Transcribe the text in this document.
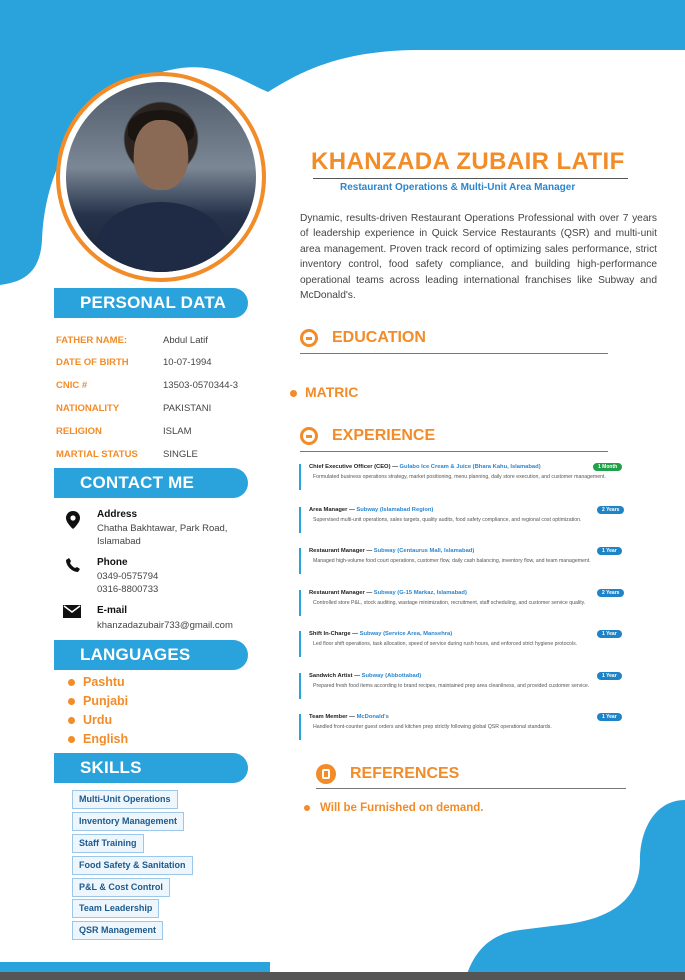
KHANZADA ZUBAIR LATIF
Restaurant Operations & Multi-Unit Area Manager
Dynamic, results-driven Restaurant Operations Professional with over 7 years of leadership experience in Quick Service Restaurants (QSR) and multi-unit area management. Proven track record of optimizing sales performance, strict inventory control, food safety compliance, and building high-performance operational teams across leading international franchises like Subway and McDonald's.
PERSONAL DATA
FATHER NAME:	Abdul Latif
DATE OF BIRTH	10-07-1994
CNIC #	13503-0570344-3
NATIONALITY	PAKISTANI
RELIGION	ISLAM
MARTIAL STATUS	SINGLE
CONTACT ME
Address
Chatha Bakhtawar, Park Road,
Islamabad
Phone
0349-0575794
0316-8800733
E-mail
khanzadazubair733@gmail.com
LANGUAGES
Pashtu
Punjabi
Urdu
English
SKILLS
Multi-Unit Operations
Inventory Management
Staff Training
Food Safety & Sanitation
P&L & Cost Control
Team Leadership
QSR Management
EDUCATION
MATRIC
EXPERIENCE
Chief Executive Officer (CEO) — Gulabo Ice Cream & Juice (Bhara Kahu, Islamabad)	1 Month
Formulated business operations strategy, market positioning, menu planning, daily store execution, and customer management.
Area Manager — Subway (Islamabad Region)	2 Years
Supervised multi-unit operations, sales targets, quality audits, food safety compliance, and regional cost optimization.
Restaurant Manager — Subway (Centaurus Mall, Islamabad)	1 Year
Managed high-volume food court operations, customer flow, daily cash balancing, inventory flow, and team management.
Restaurant Manager — Subway (G-15 Markaz, Islamabad)	2 Years
Controlled store P&L, stock auditing, wastage minimization, recruitment, staff scheduling, and customer service quality.
Shift In-Charge — Subway (Service Area, Mansehra)	1 Year
Led floor shift operations, task allocation, speed of service during rush hours, and enforced strict hygiene protocols.
Sandwich Artist — Subway (Abbottabad)	1 Year
Prepared fresh food items according to brand recipes, maintained prep area cleanliness, and provided customer service.
Team Member — McDonald's	1 Year
Handled front-counter guest orders and kitchen prep strictly following global QSR operational standards.
REFERENCES
Will be Furnished on demand.
